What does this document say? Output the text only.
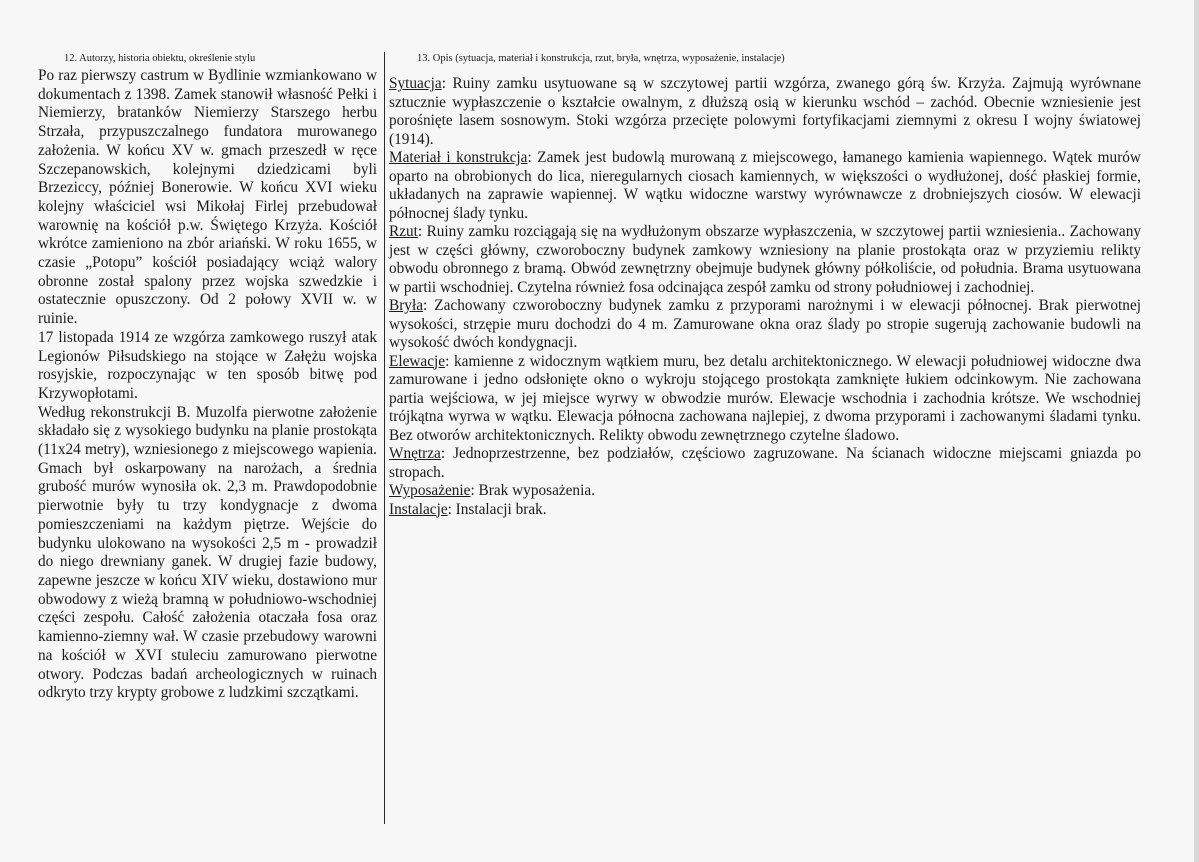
12. Autorzy, historia obiektu, określenie stylu

Po raz pierwszy castrum w Bydlinie wzmiankowano w dokumentach z 1398. Zamek stanowił własność Pełki i Niemierzy, bratanków Niemierzy Starszego herbu Strzała, przypuszczalnego fundatora murowanego założenia. W końcu XV w. gmach przeszedł w ręce Szczepanowskich, kolejnymi dziedzicami byli Brzeziccy, później Bonerowie. W końcu XVI wieku kolejny właściciel wsi Mikołaj Firlej przebudował warownię na kościół p.w. Świętego Krzyża. Kościół wkrótce zamieniono na zbór ariański. W roku 1655, w czasie „Potopu” kościół posiadający wciąż walory obronne został spalony przez wojska szwedzkie i ostatecznie opuszczony. Od 2 połowy XVII w. w ruinie.

17 listopada 1914 ze wzgórza zamkowego ruszył atak Legionów Piłsudskiego na stojące w Załężu wojska rosyjskie, rozpoczynając w ten sposób bitwę pod Krzywopłotami.

Według rekonstrukcji B. Muzolfa pierwotne założenie składało się z wysokiego budynku na planie prostokąta (11x24 metry), wzniesionego z miejscowego wapienia. Gmach był oskarpowany na narożach, a średnia grubość murów wynosiła ok. 2,3 m. Prawdopodobnie pierwotnie były tu trzy kondygnacje z dwoma pomieszczeniami na każdym piętrze. Wejście do budynku ulokowano na wysokości 2,5 m - prowadził do niego drewniany ganek. W drugiej fazie budowy, zapewne jeszcze w końcu XIV wieku, dostawiono mur obwodowy z wieżą bramną w południowo-wschodniej części zespołu. Całość założenia otaczała fosa oraz kamienno-ziemny wał. W czasie przebudowy warowni na kościół w XVI stuleciu zamurowano pierwotne otwory. Podczas badań archeologicznych w ruinach odkryto trzy krypty grobowe z ludzkimi szczątkami.

13. Opis (sytuacja, materiał i konstrukcja, rzut, bryła, wnętrza, wyposażenie, instalacje)

Sytuacja: Ruiny zamku usytuowane są w szczytowej partii wzgórza, zwanego górą św. Krzyża. Zajmują wyrównane sztucznie wypłaszczenie o kształcie owalnym, z dłuższą osią w kierunku wschód – zachód. Obecnie wzniesienie jest porośnięte lasem sosnowym. Stoki wzgórza przecięte polowymi fortyfikacjami ziemnymi z okresu I wojny światowej (1914).

Materiał i konstrukcja: Zamek jest budowlą murowaną z miejscowego, łamanego kamienia wapiennego. Wątek murów oparto na obrobionych do lica, nieregularnych ciosach kamiennych, w większości o wydłużonej, dość płaskiej formie, układanych na zaprawie wapiennej. W wątku widoczne warstwy wyrównawcze z drobniejszych ciosów. W elewacji północnej ślady tynku.

Rzut: Ruiny zamku rozciągają się na wydłużonym obszarze wypłaszczenia, w szczytowej partii wzniesienia.. Zachowany jest w części główny, czworoboczny budynek zamkowy wzniesiony na planie prostokąta oraz w przyziemiu relikty obwodu obronnego z bramą. Obwód zewnętrzny obejmuje budynek główny półkoliście, od południa. Brama usytuowana w partii wschodniej. Czytelna również fosa odcinająca zespół zamku od strony południowej i zachodniej.

Bryła: Zachowany czworoboczny budynek zamku z przyporami narożnymi i w elewacji północnej. Brak pierwotnej wysokości, strzępie muru dochodzi do 4 m. Zamurowane okna oraz ślady po stropie sugerują zachowanie budowli na wysokość dwóch kondygnacji.

Elewacje: kamienne z widocznym wątkiem muru, bez detalu architektonicznego. W elewacji południowej widoczne dwa zamurowane i jedno odsłonięte okno o wykroju stojącego prostokąta zamknięte łukiem odcinkowym. Nie zachowana partia wejściowa, w jej miejsce wyrwy w obwodzie murów. Elewacje wschodnia i zachodnia krótsze. We wschodniej trójkątna wyrwa w wątku. Elewacja północna zachowana najlepiej, z dwoma przyporami i zachowanymi śladami tynku. Bez otworów architektonicznych. Relikty obwodu zewnętrznego czytelne śladowo.

Wnętrza: Jednoprzestrzenne, bez podziałów, częściowo zagruzowane. Na ścianach widoczne miejscami gniazda po stropach.

Wyposażenie: Brak wyposażenia.

Instalacje: Instalacji brak.
